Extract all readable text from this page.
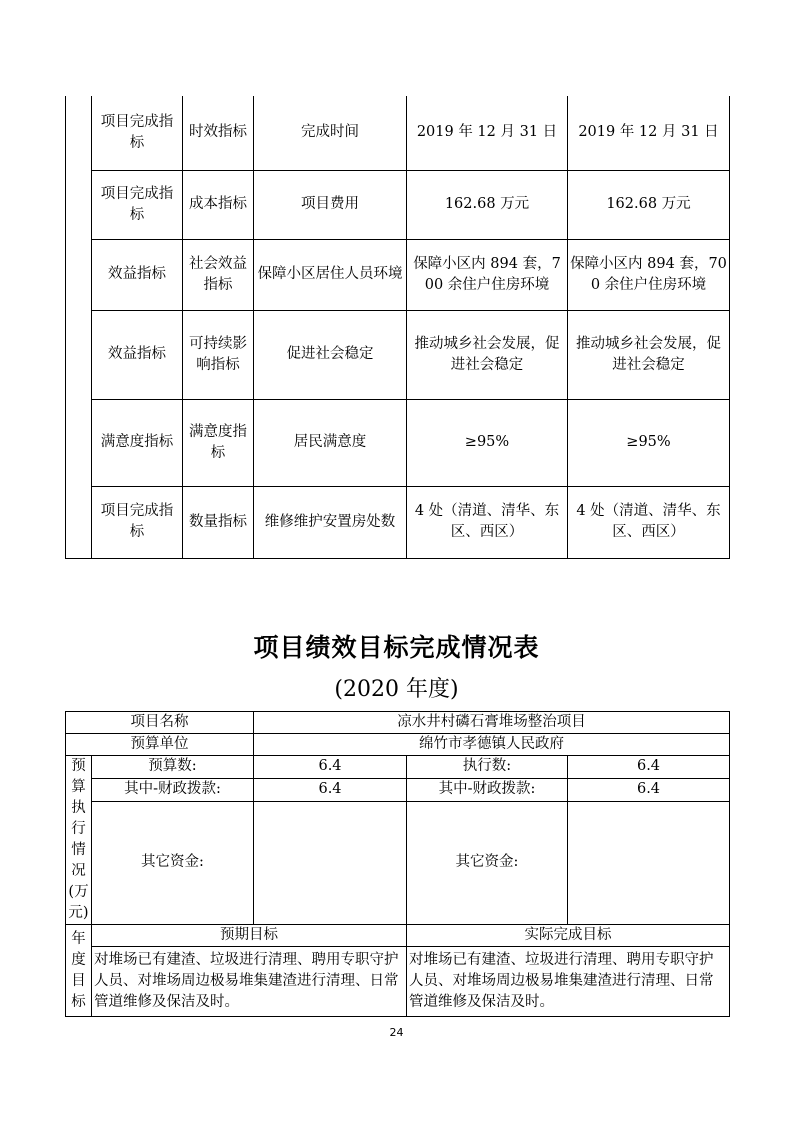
	项目完成指标	时效指标	完成时间	2019 年 12 月 31 日	2019 年 12 月 31 日
	项目完成指标	成本指标	项目费用	162.68 万元	162.68 万元
	效益指标	社会效益指标	保障小区居住人员环境	保障小区内 894 套，700 余住户住房环境	保障小区内 894 套，700 余住户住房环境
	效益指标	可持续影响指标	促进社会稳定	推动城乡社会发展，促进社会稳定	推动城乡社会发展，促进社会稳定
	满意度指标	满意度指标	居民满意度	≥95%	≥95%
	项目完成指标	数量指标	维修维护安置房处数	4 处（清道、清华、东区、西区）	4 处（清道、清华、东区、西区）
项目绩效目标完成情况表
(2020 年度)
项目名称		凉水井村磷石膏堆场整治项目		
预算单位		绵竹市孝德镇人民政府		
预算执行情况(万元)	预算数:	6.4	执行数:	6.4
	其中-财政拨款:	6.4	其中-财政拨款:	6.4
	其它资金:		其它资金:	
年度目标	预期目标		实际完成目标	
	对堆场已有建渣、垃圾进行清理、聘用专职守护人员、对堆场周边极易堆集建渣进行清理、日常管道维修及保洁及时。		对堆场已有建渣、垃圾进行清理、聘用专职守护人员、对堆场周边极易堆集建渣进行清理、日常管道维修及保洁及时。	
24
